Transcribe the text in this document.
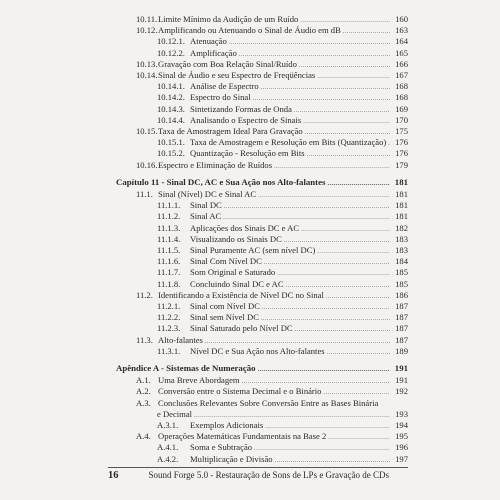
10.11. Limite Mínimo da Audição de um Ruído .....	160
10.12. Amplificando ou Atenuando o Sinal de Áudio em dB .....	163
10.12.1. Atenuação .....	164
10.12.2. Amplificação .....	165
10.13. Gravação com Boa Relação Sinal/Ruído .....	166
10.14. Sinal de Áudio e seu Espectro de Freqüências .....	167
10.14.1. Análise de Espectro .....	168
10.14.2. Espectro do Sinal .....	168
10.14.3. Sintetizando Formas de Onda .....	169
10.14.4. Analisando o Espectro de Sinais .....	170
10.15. Taxa de Amostragem Ideal Para Gravação .....	175
10.15.1. Taxa de Amostragem e Resolução em Bits (Quantização) .....	176
10.15.2. Quantização - Resolução em Bits .....	176
10.16. Espectro e Eliminação de Ruídos .....	179
Capítulo 11 - Sinal DC, AC e Sua Ação nos Alto-falantes .....	181
11.1. Sinal (Nível) DC e Sinal AC .....	181
11.1.1.	Sinal DC .....	181
11.1.2.	Sinal AC .....	181
11.1.3.	Aplicações dos Sinais DC e AC .....	182
11.1.4.	Visualizando os Sinais DC .....	183
11.1.5.	Sinal Puramente AC (sem nível DC) .....	183
11.1.6.	Sinal Com Nível DC .....	184
11.1.7.	Som Original e Saturado .....	185
11.1.8.	Concluindo Sinal DC e AC .....	185
11.2. Identificando a Existência de Nível DC no Sinal .....	186
11.2.1.	Sinal com Nível DC .....	187
11.2.2.	Sinal sem Nível DC .....	187
11.2.3.	Sinal Saturado pelo Nível DC .....	187
11.3. Alto-falantes .....	187
11.3.1.	Nível DC e Sua Ação nos Alto-falantes .....	189
Apêndice A - Sistemas de Numeração .....	191
A.1. Uma Breve Abordagem .....	191
A.2. Conversão entre o Sistema Decimal e o Binário .....	192
A.3. Conclusões Relevantes Sobre Conversão Entre as Bases Binária
e Decimal .....	193
A.3.1.	Exemplos Adicionais .....	194
A.4. Operações Matemáticas Fundamentais na Base 2 .....	195
A.4.1.	Soma e Subtração .....	196
A.4.2.	Multiplicação e Divisão .....	197
16	Sound Forge 5.0 - Restauração de Sons de LPs e Gravação de CDs
